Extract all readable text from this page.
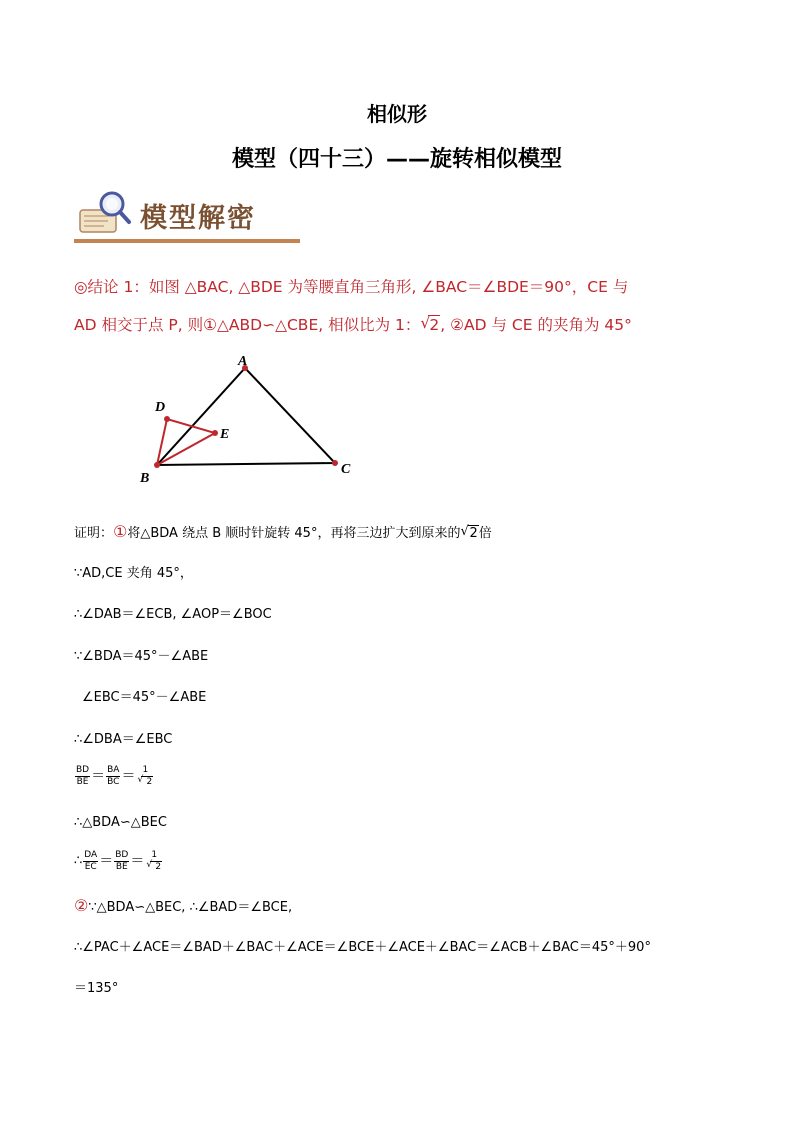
相似形
模型（四十三）——旋转相似模型
模型解密
◎结论 1：如图 △BAC, △BDE 为等腰直角三角形, ∠BAC＝∠BDE＝90°，CE 与
AD 相交于点 P, 则①△ABD∽△CBE, 相似比为 1： √ 2, ②AD 与 CE 的夹角为 45°
A
B
C
D
E
证明：①将△BDA 绕点 B 顺时针旋转 45°，再将三边扩大到原来的 √ 2倍
∵AD,CE 夹角 45°，
∴∠DAB＝∠ECB, ∠AOP＝∠BOC
∵∠BDA＝45°－∠ABE
∠EBC＝45°－∠ABE
∴∠DBA＝∠EBC
$\frac{BD}{BE} = \frac{BA}{BC} = \frac{1}{√ 2}$
∴△BDA∽△BEC
∴ $\frac{DA}{EC} = \frac{BD}{BE} = \frac{1}{√ 2}$
②∵△BDA∽△BEC, ∴∠BAD＝∠BCE,
∴∠PAC＋∠ACE＝∠BAD＋∠BAC＋∠ACE＝∠BCE＋∠ACE＋∠BAC＝∠ACB＋∠BAC＝45°＋90°
＝135°
